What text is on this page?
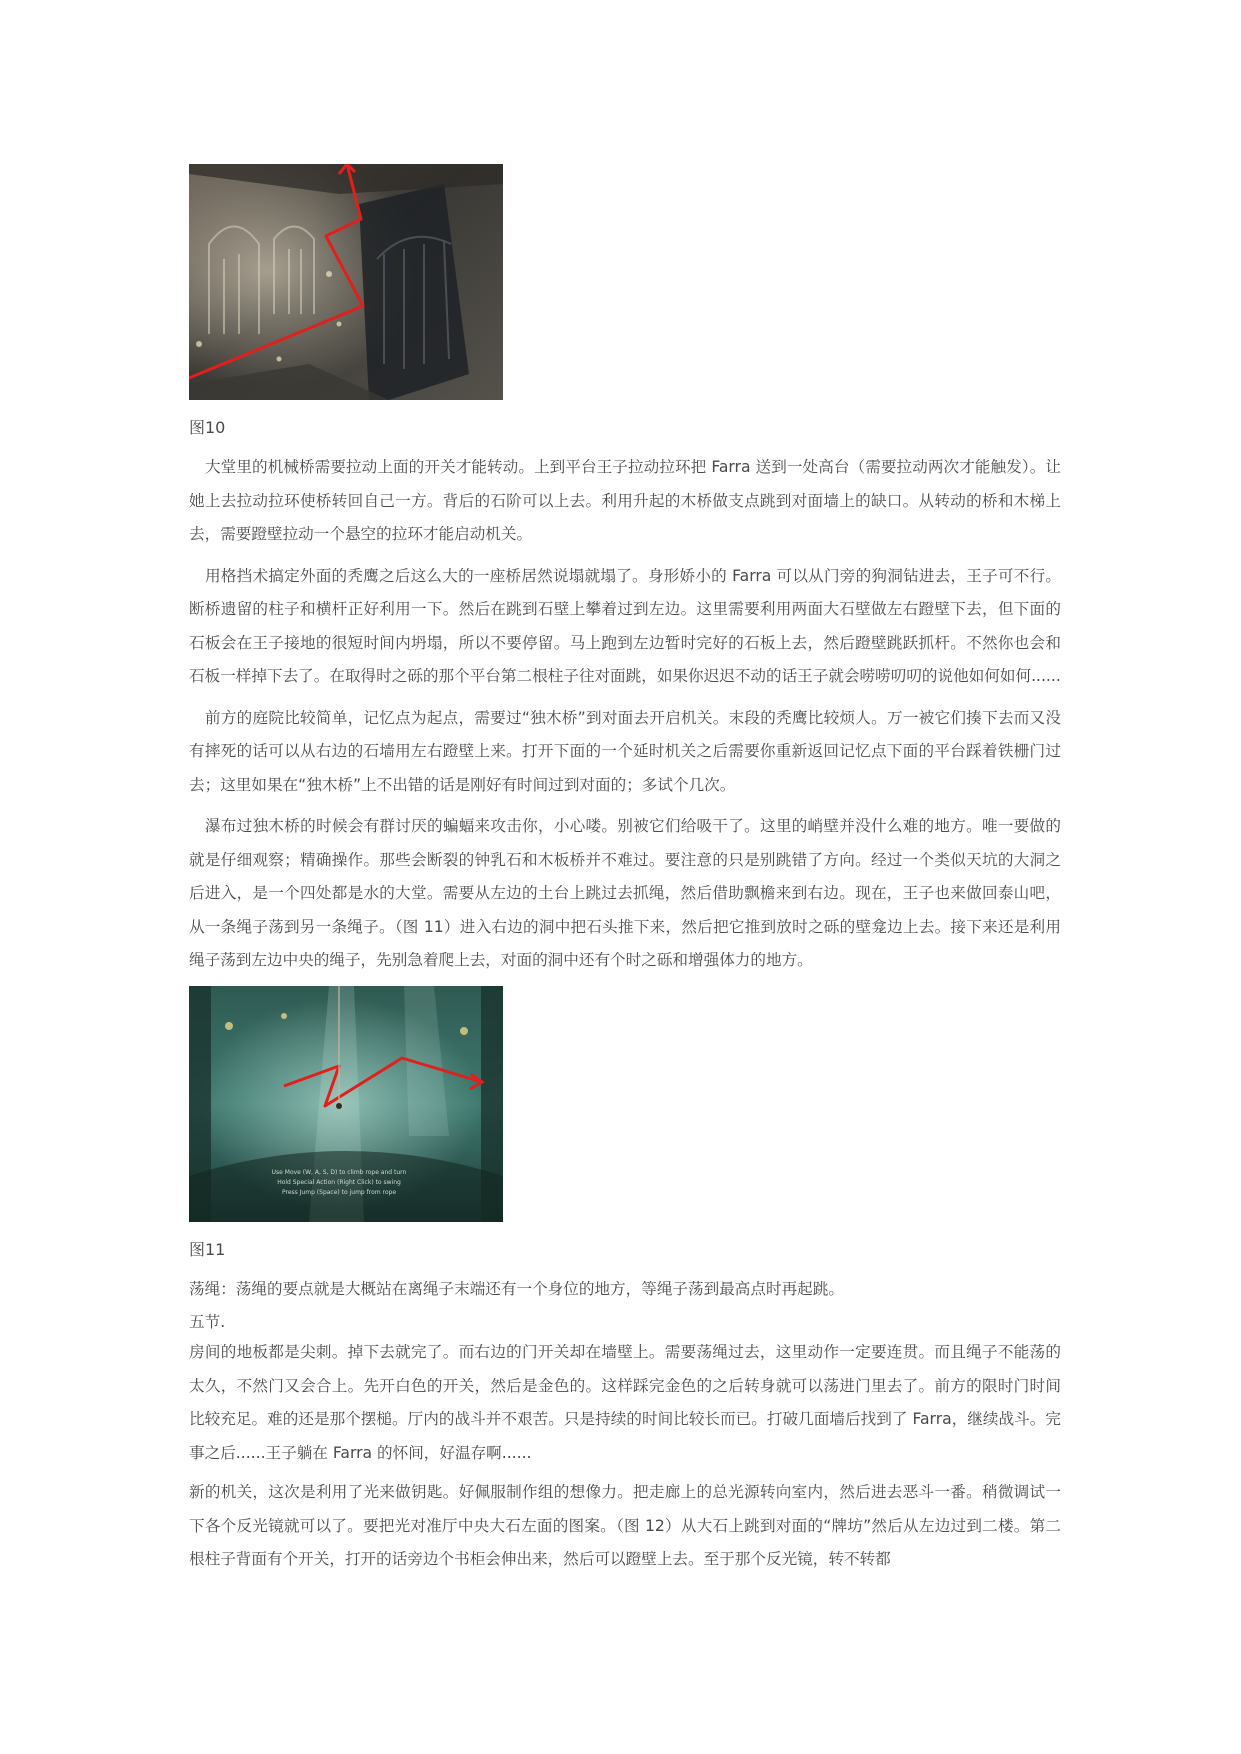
图10

大堂里的机械桥需要拉动上面的开关才能转动。上到平台王子拉动拉环把 Farra 送到一处高台（需要拉动两次才能触发）。让她上去拉动拉环使桥转回自己一方。背后的石阶可以上去。利用升起的木桥做支点跳到对面墙上的缺口。从转动的桥和木梯上去，需要蹬壁拉动一个悬空的拉环才能启动机关。

用格挡术搞定外面的秃鹰之后这么大的一座桥居然说塌就塌了。身形娇小的 Farra 可以从门旁的狗洞钻进去，王子可不行。断桥遗留的柱子和横杆正好利用一下。然后在跳到石壁上攀着过到左边。这里需要利用两面大石壁做左右蹬壁下去，但下面的石板会在王子接地的很短时间内坍塌，所以不要停留。马上跑到左边暂时完好的石板上去，然后蹬壁跳跃抓杆。不然你也会和石板一样掉下去了。在取得时之砾的那个平台第二根柱子往对面跳，如果你迟迟不动的话王子就会唠唠叨叨的说他如何如何......

前方的庭院比较简单，记忆点为起点，需要过“独木桥”到对面去开启机关。末段的秃鹰比较烦人。万一被它们揍下去而又没有摔死的话可以从右边的石墙用左右蹬壁上来。打开下面的一个延时机关之后需要你重新返回记忆点下面的平台踩着铁栅门过去；这里如果在“独木桥”上不出错的话是刚好有时间过到对面的；多试个几次。

瀑布过独木桥的时候会有群讨厌的蝙蝠来攻击你，小心喽。别被它们给吸干了。这里的峭壁并没什么难的地方。唯一要做的就是仔细观察；精确操作。那些会断裂的钟乳石和木板桥并不难过。要注意的只是别跳错了方向。经过一个类似天坑的大洞之后进入，是一个四处都是水的大堂。需要从左边的土台上跳过去抓绳，然后借助飘檐来到右边。现在，王子也来做回泰山吧，从一条绳子荡到另一条绳子。（图 11）进入右边的洞中把石头推下来，然后把它推到放时之砾的壁龛边上去。接下来还是利用绳子荡到左边中央的绳子，先别急着爬上去，对面的洞中还有个时之砾和增强体力的地方。

Use Move (W, A, S, D) to climb rope and turn
Hold Special Action (Right Click) to swing
Press Jump (Space) to jump from rope
图11

荡绳：荡绳的要点就是大概站在离绳子末端还有一个身位的地方，等绳子荡到最高点时再起跳。

五节.

房间的地板都是尖刺。掉下去就完了。而右边的门开关却在墙壁上。需要荡绳过去，这里动作一定要连贯。而且绳子不能荡的太久，不然门又会合上。先开白色的开关，然后是金色的。这样踩完金色的之后转身就可以荡进门里去了。前方的限时门时间比较充足。难的还是那个摆槌。厅内的战斗并不艰苦。只是持续的时间比较长而已。打破几面墙后找到了 Farra，继续战斗。完事之后......王子躺在 Farra 的怀间，好温存啊......

新的机关，这次是利用了光来做钥匙。好佩服制作组的想像力。把走廊上的总光源转向室内，然后进去恶斗一番。稍微调试一下各个反光镜就可以了。要把光对准厅中央大石左面的图案。（图 12）从大石上跳到对面的“牌坊”然后从左边过到二楼。第二根柱子背面有个开关，打开的话旁边个书柜会伸出来，然后可以蹬壁上去。至于那个反光镜，转不转都
